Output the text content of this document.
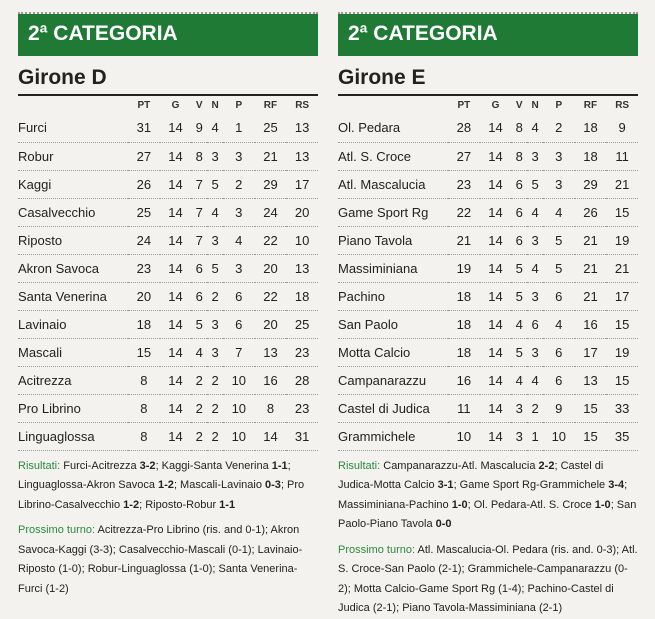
2ª CATEGORIA
Girone D
	PT	G	V	N	P	RF	RS
Furci	31	14	9	4	1	25	13
Robur	27	14	8	3	3	21	13
Kaggi	26	14	7	5	2	29	17
Casalvecchio	25	14	7	4	3	24	20
Riposto	24	14	7	3	4	22	10
Akron Savoca	23	14	6	5	3	20	13
Santa Venerina	20	14	6	2	6	22	18
Lavinaio	18	14	5	3	6	20	25
Mascali	15	14	4	3	7	13	23
Acitrezza	8	14	2	2	10	16	28
Pro Librino	8	14	2	2	10	8	23
Linguaglossa	8	14	2	2	10	14	31
Risultati: Furci-Acitrezza 3-2; Kaggi-Santa Venerina 1-1; Linguaglossa-Akron Savoca 1-2; Mascali-Lavinaio 0-3; Pro Librino-Casalvecchio 1-2; Riposto-Robur 1-1
Prossimo turno: Acitrezza-Pro Librino (ris. and 0-1); Akron Savoca-Kaggi (3-3); Casalvecchio-Mascali (0-1); Lavinaio-Riposto (1-0); Robur-Linguaglossa (1-0); Santa Venerina-Furci (1-2)
2ª CATEGORIA
Girone E
	PT	G	V	N	P	RF	RS
Ol. Pedara	28	14	8	4	2	18	9
Atl. S. Croce	27	14	8	3	3	18	11
Atl. Mascalucia	23	14	6	5	3	29	21
Game Sport Rg	22	14	6	4	4	26	15
Piano Tavola	21	14	6	3	5	21	19
Massiminiana	19	14	5	4	5	21	21
Pachino	18	14	5	3	6	21	17
San Paolo	18	14	4	6	4	16	15
Motta Calcio	18	14	5	3	6	17	19
Campanarazzu	16	14	4	4	6	13	15
Castel di Judica	11	14	3	2	9	15	33
Grammichele	10	14	3	1	10	15	35
Risultati: Campanarazzu-Atl. Mascalucia 2-2; Castel di Judica-Motta Calcio 3-1; Game Sport Rg-Grammichele 3-4; Massiminiana-Pachino 1-0; Ol. Pedara-Atl. S. Croce 1-0; San Paolo-Piano Tavola 0-0
Prossimo turno: Atl. Mascalucia-Ol. Pedara (ris. and. 0-3); Atl. S. Croce-San Paolo (2-1); Grammichele-Campanarazzu (0-2); Motta Calcio-Game Sport Rg (1-4); Pachino-Castel di Judica (2-1); Piano Tavola-Massiminiana (2-1)
